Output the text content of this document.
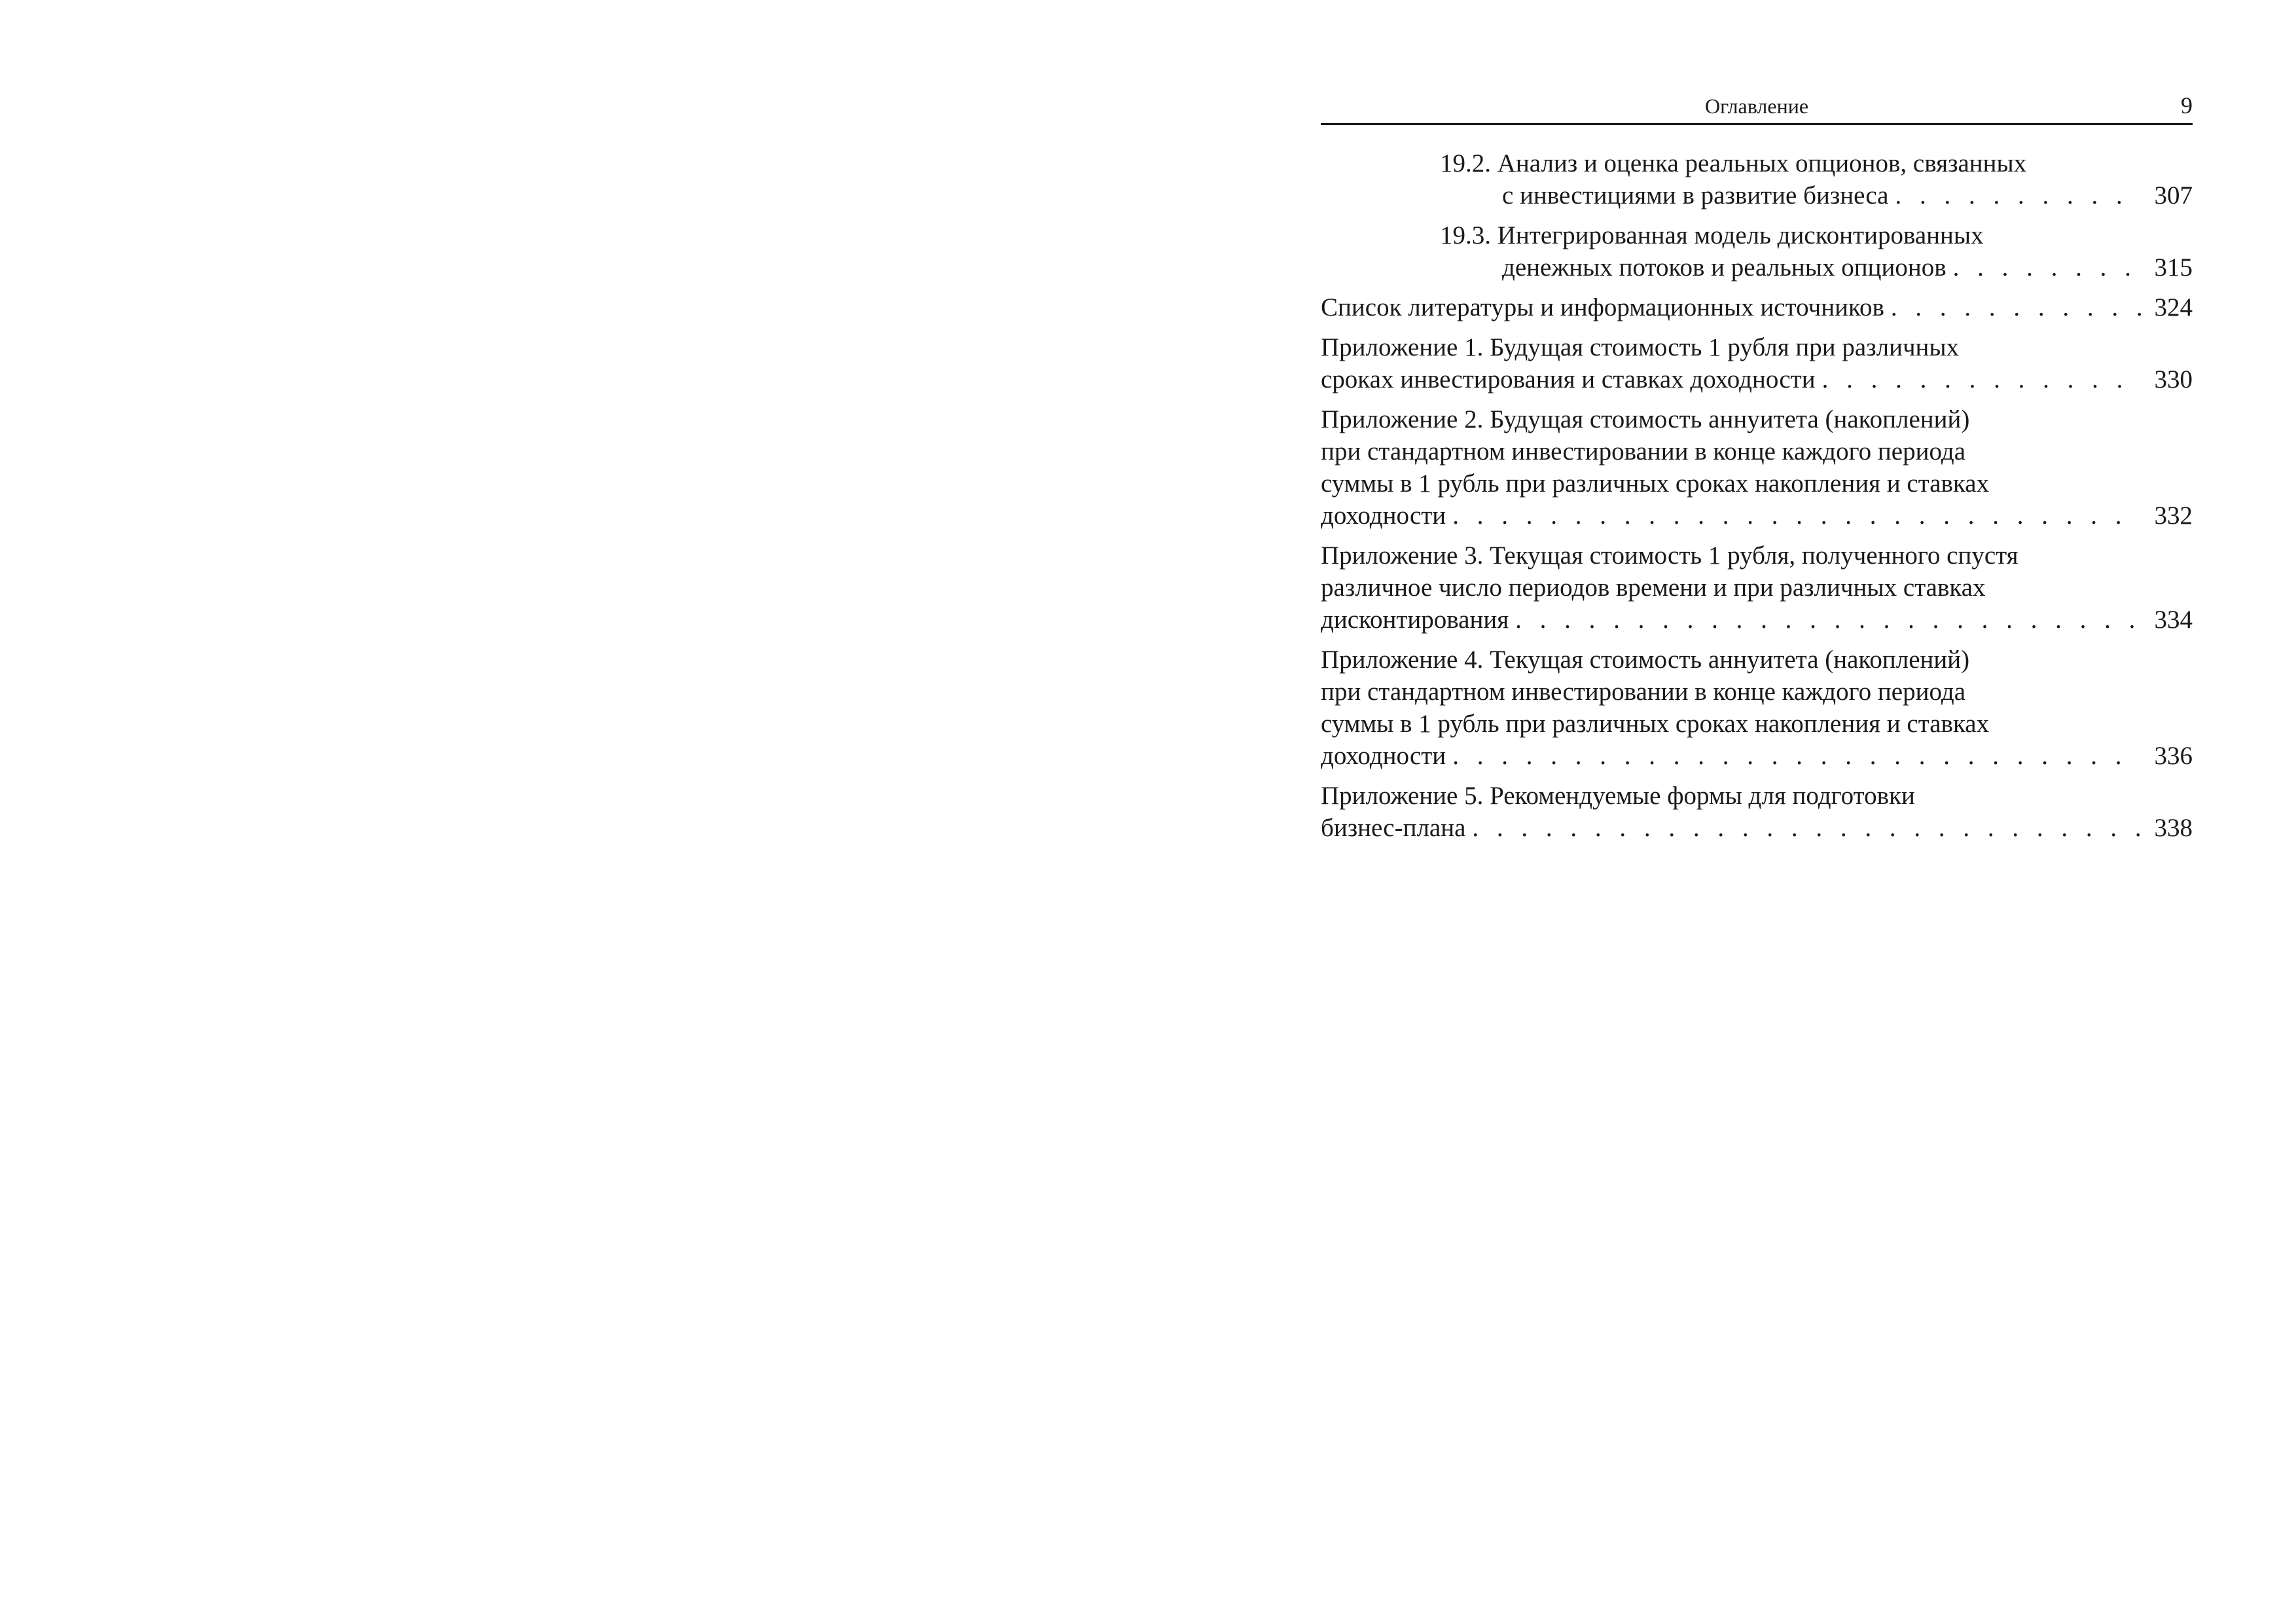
Оглавление	9
19.2. Анализ и оценка реальных опционов, связанных
с инвестициями в развитие бизнеса . . .	307
19.3. Интегрированная модель дисконтированных
денежных потоков и реальных опционов . . .	315
Список литературы и информационных источников . . .	324
Приложение 1. Будущая стоимость 1 рубля при различных
сроках инвестирования и ставках доходности . . .	330
Приложение 2. Будущая стоимость аннуитета (накоплений)
при стандартном инвестировании в конце каждого периода
суммы в 1 рубль при различных сроках накопления и ставках
доходности . . .	332
Приложение 3. Текущая стоимость 1 рубля, полученного спустя
различное число периодов времени и при различных ставках
дисконтирования . . .	334
Приложение 4. Текущая стоимость аннуитета (накоплений)
при стандартном инвестировании в конце каждого периода
суммы в 1 рубль при различных сроках накопления и ставках
доходности . . .	336
Приложение 5. Рекомендуемые формы для подготовки
бизнес-плана . . .	338
